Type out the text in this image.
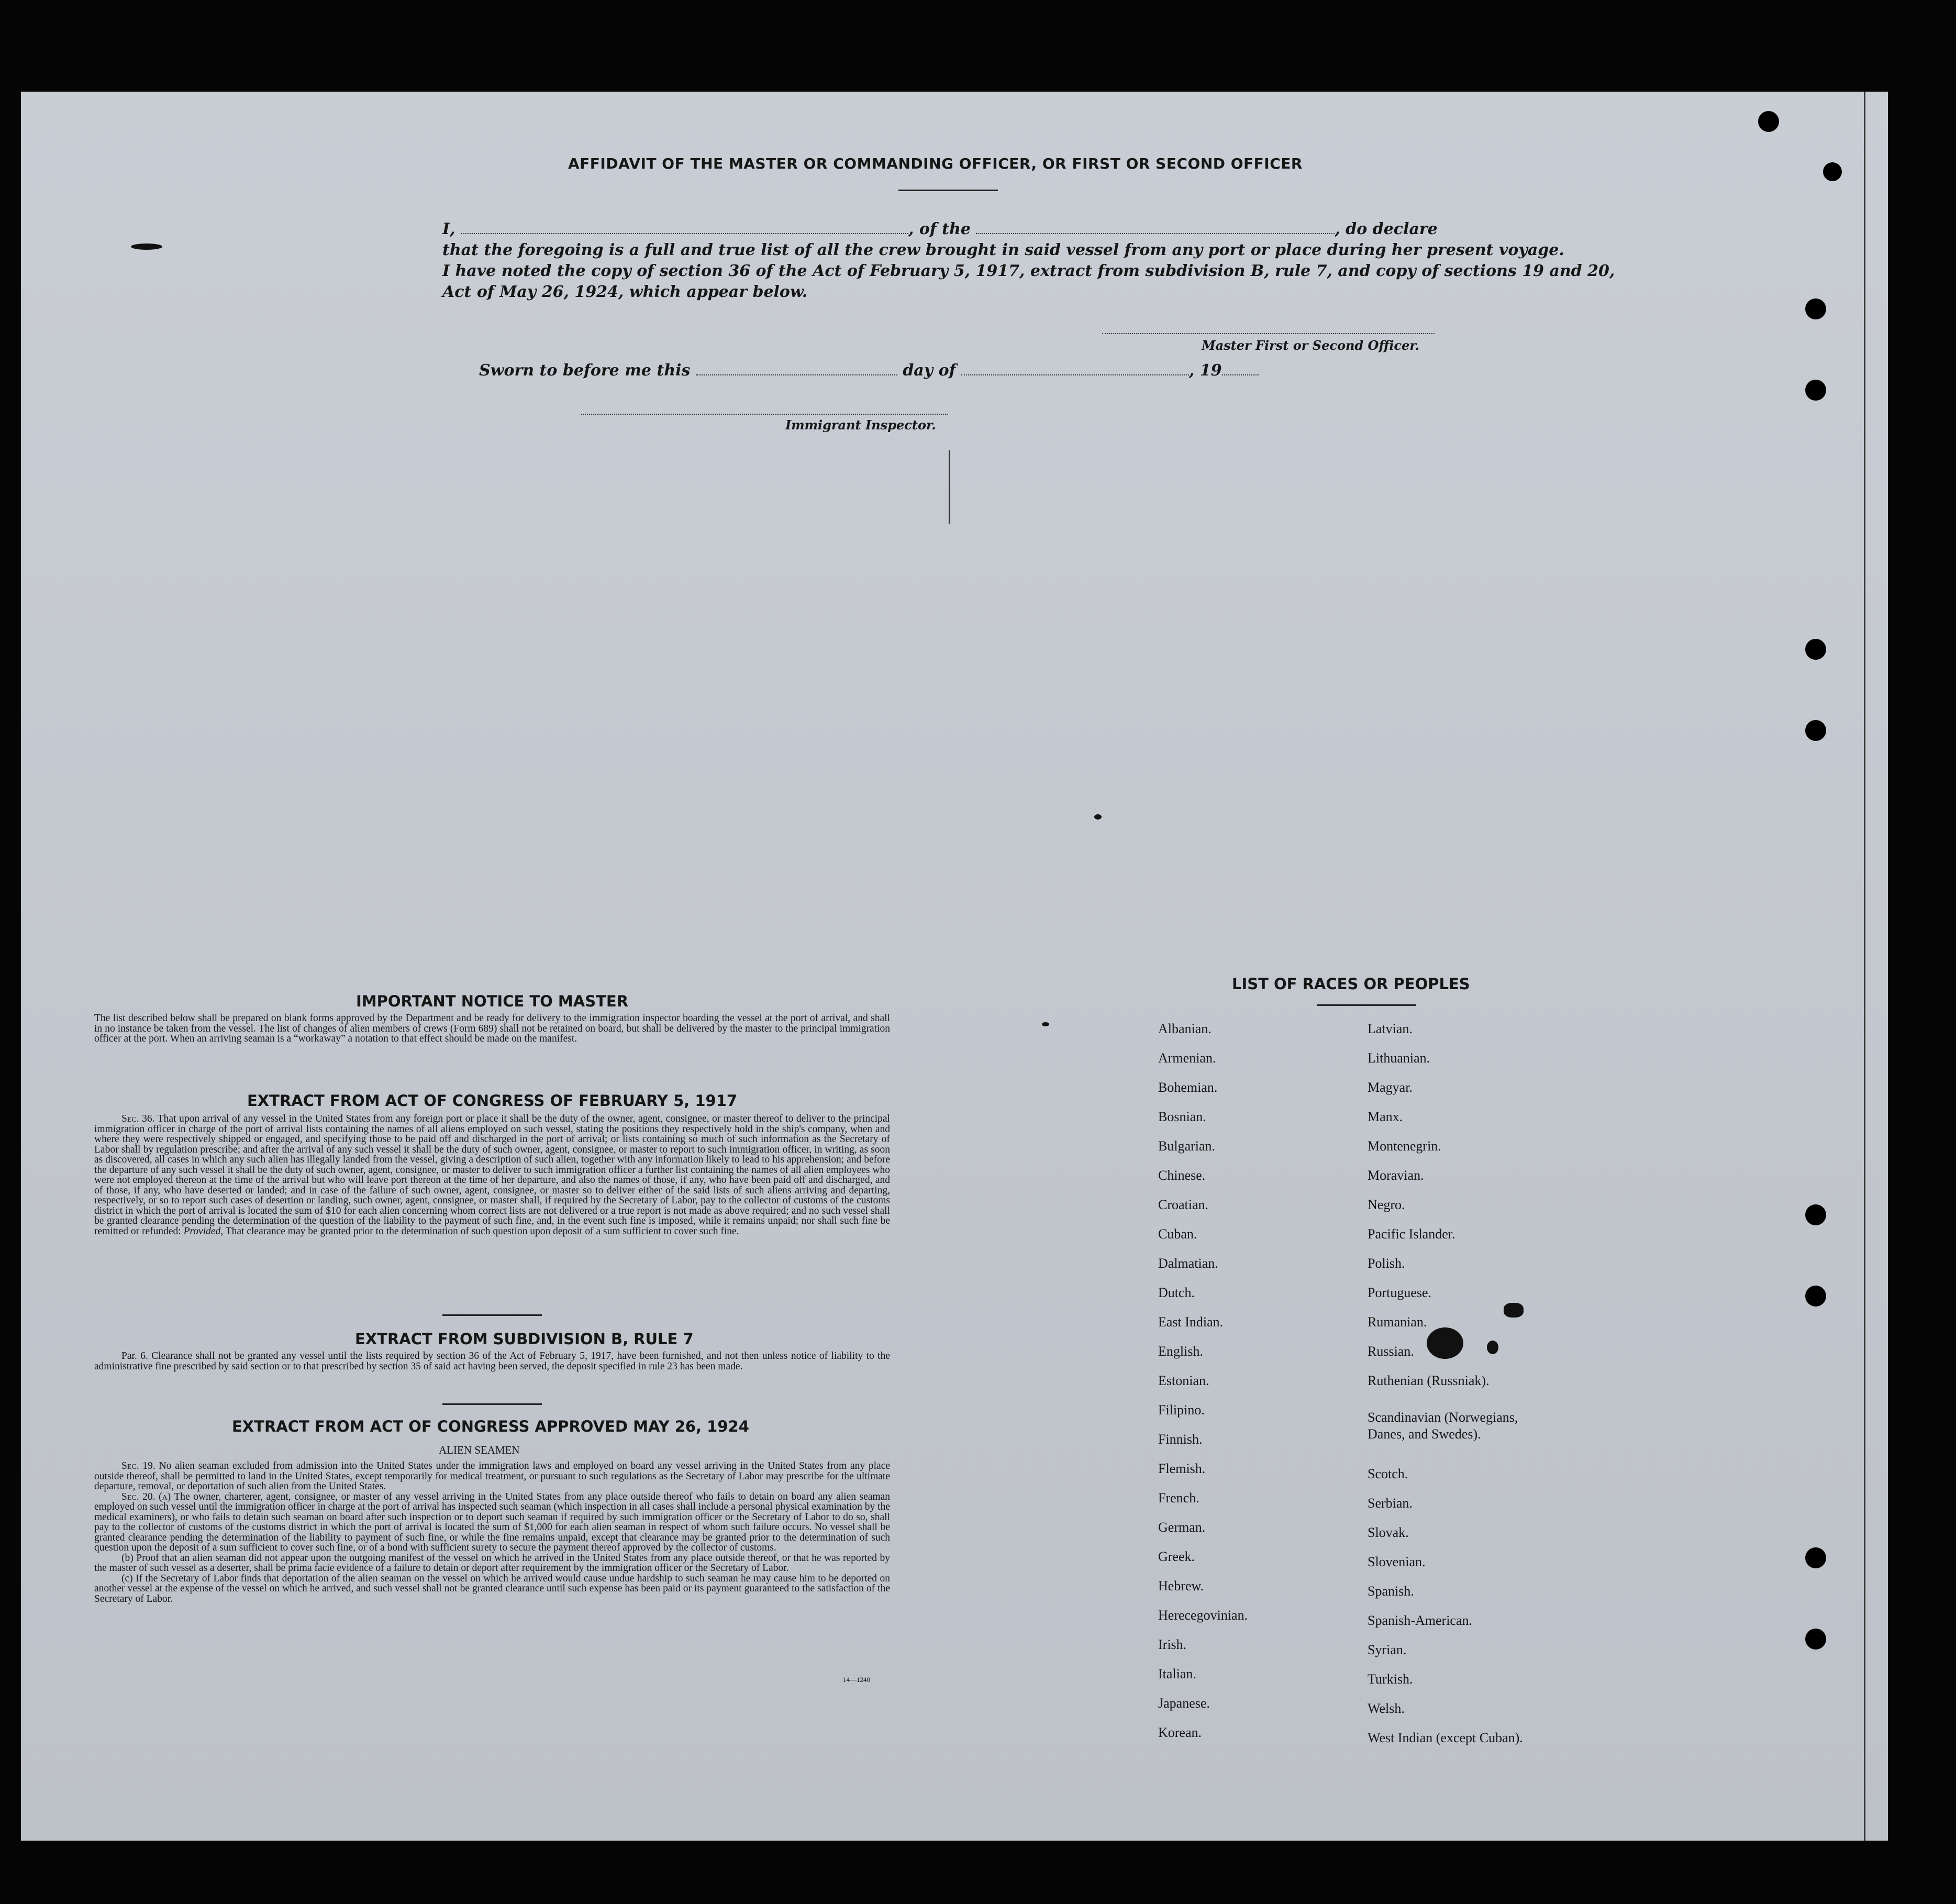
AFFIDAVIT OF THE MASTER OR COMMANDING OFFICER, OR FIRST OR SECOND OFFICER
I,	, of the	, do declare
that the foregoing is a full and true list of all the crew brought in said vessel from any port or place during her present voyage.
I have noted the copy of section 36 of the Act of February 5, 1917, extract from subdivision B, rule 7, and copy of sections 19 and 20,
Act of May 26, 1924, which appear below.
Master First or Second Officer.
Sworn to before me this	day of	, 19
Immigrant Inspector.
IMPORTANT NOTICE TO MASTER
The list described below shall be prepared on blank forms approved by the Department and be ready for delivery to the immigration inspector boarding the vessel at the port of arrival, and shall in no instance be taken from the vessel. The list of changes of alien members of crews (Form 689) shall not be retained on board, but shall be delivered by the master to the principal immigration officer at the port. When an arriving seaman is a “workaway” a notation to that effect should be made on the manifest.
EXTRACT FROM ACT OF CONGRESS OF FEBRUARY 5, 1917
Sec. 36. That upon arrival of any vessel in the United States from any foreign port or place it shall be the duty of the owner, agent, consignee, or master thereof to deliver to the principal immigration officer in charge of the port of arrival lists containing the names of all aliens employed on such vessel, stating the positions they respectively hold in the ship's company, when and where they were respectively shipped or engaged, and specifying those to be paid off and discharged in the port of arrival; or lists containing so much of such information as the Secretary of Labor shall by regulation prescribe; and after the arrival of any such vessel it shall be the duty of such owner, agent, consignee, or master to report to such immigration officer, in writing, as soon as discovered, all cases in which any such alien has illegally landed from the vessel, giving a description of such alien, together with any information likely to lead to his apprehension; and before the departure of any such vessel it shall be the duty of such owner, agent, consignee, or master to deliver to such immigration officer a further list containing the names of all alien employees who were not employed thereon at the time of the arrival but who will leave port thereon at the time of her departure, and also the names of those, if any, who have been paid off and discharged, and of those, if any, who have deserted or landed; and in case of the failure of such owner, agent, consignee, or master so to deliver either of the said lists of such aliens arriving and departing, respectively, or so to report such cases of desertion or landing, such owner, agent, consignee, or master shall, if required by the Secretary of Labor, pay to the collector of customs of the customs district in which the port of arrival is located the sum of $10 for each alien concerning whom correct lists are not delivered or a true report is not made as above required; and no such vessel shall be granted clearance pending the determination of the question of the liability to the payment of such fine, and, in the event such fine is imposed, while it remains unpaid; nor shall such fine be remitted or refunded: Provided, That clearance may be granted prior to the determination of such question upon deposit of a sum sufficient to cover such fine.
EXTRACT FROM SUBDIVISION B, RULE 7
Par. 6. Clearance shall not be granted any vessel until the lists required by section 36 of the Act of February 5, 1917, have been furnished, and not then unless notice of liability to the administrative fine prescribed by said section or to that prescribed by section 35 of said act having been served, the deposit specified in rule 23 has been made.
EXTRACT FROM ACT OF CONGRESS APPROVED MAY 26, 1924
ALIEN SEAMEN
Sec. 19. No alien seaman excluded from admission into the United States under the immigration laws and employed on board any vessel arriving in the United States from any place outside thereof, shall be permitted to land in the United States, except temporarily for medical treatment, or pursuant to such regulations as the Secretary of Labor may prescribe for the ultimate departure, removal, or deportation of such alien from the United States.
Sec. 20. (a) The owner, charterer, agent, consignee, or master of any vessel arriving in the United States from any place outside thereof who fails to detain on board any alien seaman employed on such vessel until the immigration officer in charge at the port of arrival has inspected such seaman (which inspection in all cases shall include a personal physical examination by the medical examiners), or who fails to detain such seaman on board after such inspection or to deport such seaman if required by such immigration officer or the Secretary of Labor to do so, shall pay to the collector of customs of the customs district in which the port of arrival is located the sum of $1,000 for each alien seaman in respect of whom such failure occurs. No vessel shall be granted clearance pending the determination of the liability to payment of such fine, or while the fine remains unpaid, except that clearance may be granted prior to the determination of such question upon the deposit of a sum sufficient to cover such fine, or of a bond with sufficient surety to secure the payment thereof approved by the collector of customs.
(b) Proof that an alien seaman did not appear upon the outgoing manifest of the vessel on which he arrived in the United States from any place outside thereof, or that he was reported by the master of such vessel as a deserter, shall be prima facie evidence of a failure to detain or deport after requirement by the immigration officer or the Secretary of Labor.
(c) If the Secretary of Labor finds that deportation of the alien seaman on the vessel on which he arrived would cause undue hardship to such seaman he may cause him to be deported on another vessel at the expense of the vessel on which he arrived, and such vessel shall not be granted clearance until such expense has been paid or its payment guaranteed to the satisfaction of the Secretary of Labor.
14—1240
LIST OF RACES OR PEOPLES
Albanian.
Armenian.
Bohemian.
Bosnian.
Bulgarian.
Chinese.
Croatian.
Cuban.
Dalmatian.
Dutch.
East Indian.
English.
Estonian.
Filipino.
Finnish.
Flemish.
French.
German.
Greek.
Hebrew.
Herecegovinian.
Irish.
Italian.
Japanese.
Korean.
Latvian.
Lithuanian.
Magyar.
Manx.
Montenegrin.
Moravian.
Negro.
Pacific Islander.
Polish.
Portuguese.
Rumanian.
Russian.
Ruthenian (Russniak).
Scandinavian (Norwegians,
Danes, and Swedes).
Scotch.
Serbian.
Slovak.
Slovenian.
Spanish.
Spanish-American.
Syrian.
Turkish.
Welsh.
West Indian (except Cuban).
